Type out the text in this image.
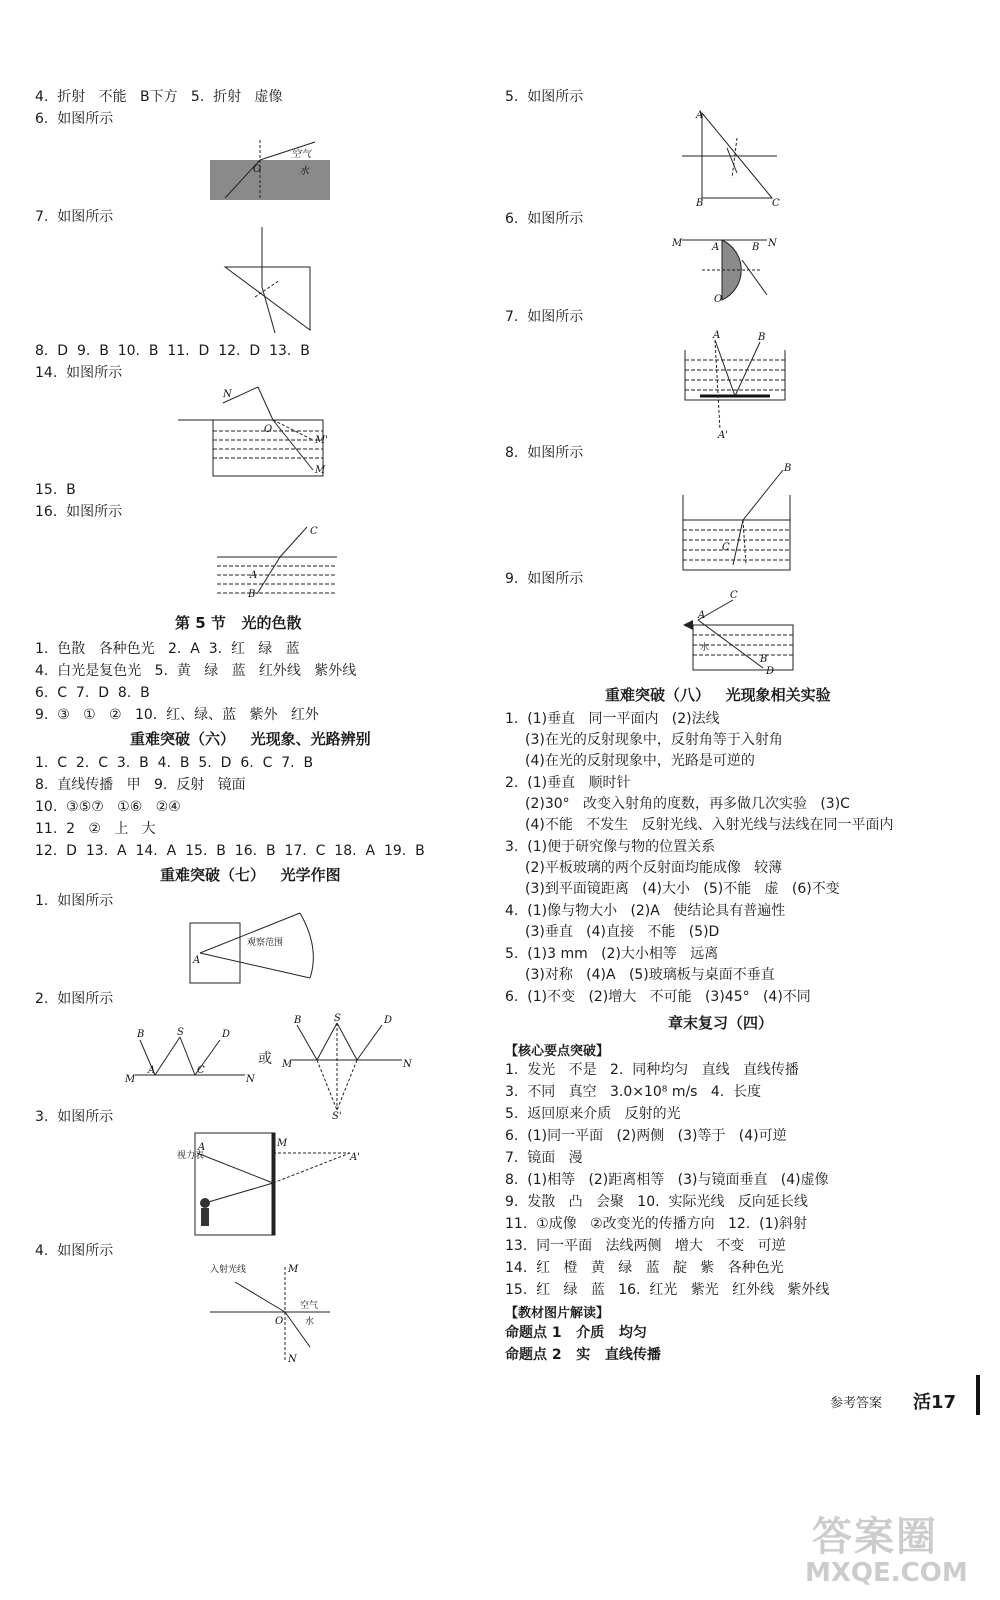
4.  折射   不能   B下方   5.  折射   虚像
6.  如图所示
空气
水
O
7.  如图所示
8.  D  9.  B  10.  B  11.  D  12.  D  13.  B
14.  如图所示
N
O
M'
M
15.  B
16.  如图所示
C
A
B
第 5 节   光的色散
1.  色散   各种色光   2.  A  3.  红   绿   蓝
4.  白光是复色光   5.  黄   绿   蓝   红外线   紫外线
6.  C  7.  D  8.  B
9.  ③   ①   ②   10.  红、绿、蓝   紫外   红外
重难突破（六）   光现象、光路辨别
1.  C  2.  C  3.  B  4.  B  5.  D  6.  C  7.  B
8.  直线传播   甲   9.  反射   镜面
10.  ③⑤⑦   ①⑥   ②④
11.  2   ②   上   大
12.  D  13.  A  14.  A  15.  B  16.  B  17.  C  18.  A  19.  B
重难突破（七）   光学作图
1.  如图所示
观察范围
A
2.  如图所示
B	S	D
A	C
M	N
或
S
B	D
M	N
S'
3.  如图所示
视力表
A	M
A'
4.  如图所示
入射光线	M
空气
水
O
N
5.  如图所示
A
B	C
6.  如图所示
M	A	B N
O
7.  如图所示
A	B
A'
8.  如图所示
B
C
9.  如图所示
A
C
水
B
D
重难突破（八）   光现象相关实验
1.  (1)垂直   同一平面内   (2)法线
(3)在光的反射现象中，反射角等于入射角
(4)在光的反射现象中，光路是可逆的
2.  (1)垂直   顺时针
(2)30°   改变入射角的度数，再多做几次实验   (3)C
(4)不能   不发生   反射光线、入射光线与法线在同一平面内
3.  (1)便于研究像与物的位置关系
(2)平板玻璃的两个反射面均能成像   较薄
(3)到平面镜距离   (4)大小   (5)不能   虚   (6)不变
4.  (1)像与物大小   (2)A   使结论具有普遍性
(3)垂直   (4)直接   不能   (5)D
5.  (1)3 mm   (2)大小相等   远离
(3)对称   (4)A   (5)玻璃板与桌面不垂直
6.  (1)不变   (2)增大   不可能   (3)45°   (4)不同
章末复习（四）
【核心要点突破】
1.  发光   不是   2.  同种均匀   直线   直线传播
3.  不同   真空   3.0×10⁸ m/s   4.  长度
5.  返回原来介质   反射的光
6.  (1)同一平面   (2)两侧   (3)等于   (4)可逆
7.  镜面   漫
8.  (1)相等   (2)距离相等   (3)与镜面垂直   (4)虚像
9.  发散   凸   会聚   10.  实际光线   反向延长线
11.  ①成像   ②改变光的传播方向   12.  (1)斜射
13.  同一平面   法线两侧   增大   不变   可逆
14.  红   橙   黄   绿   蓝   靛   紫   各种色光
15.  红   绿   蓝   16.  红光   紫光   红外线   紫外线
【教材图片解读】
命题点 1   介质   均匀
命题点 2   实   直线传播
参考答案 活17
答案圈
MXQE.COM
